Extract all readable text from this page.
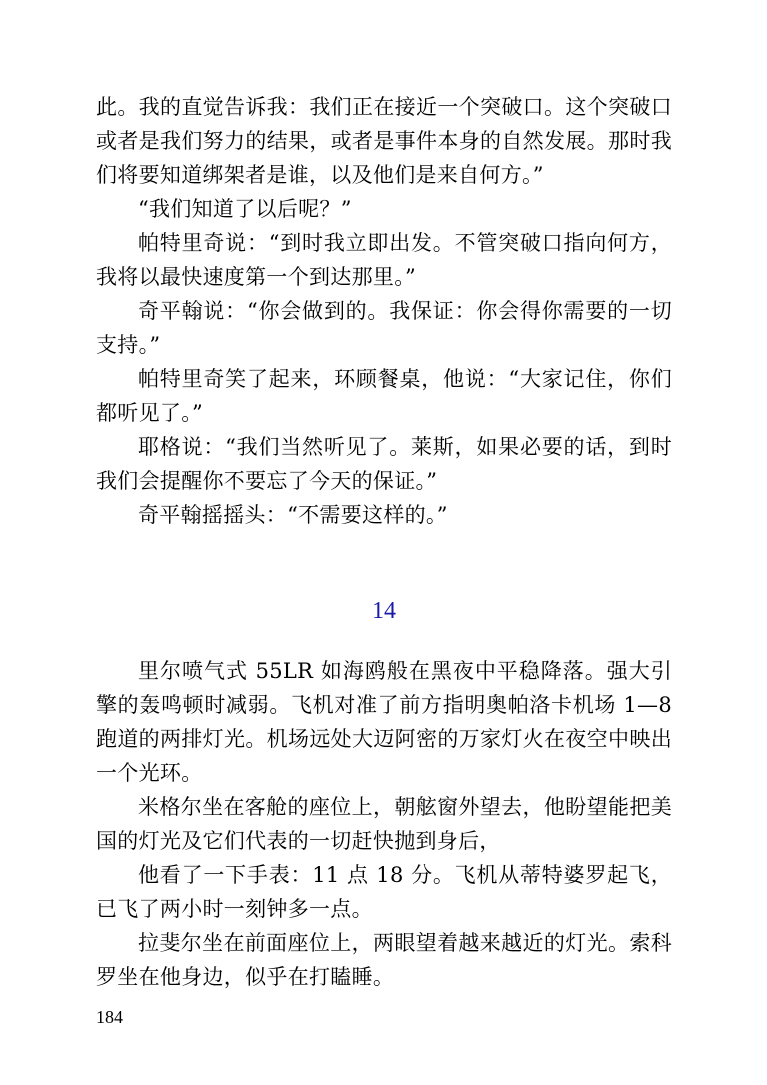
此。我的直觉告诉我：我们正在接近一个突破口。这个突破口或者是我们努力的结果，或者是事件本身的自然发展。那时我们将要知道绑架者是谁，以及他们是来自何方。”

“我们知道了以后呢？”

帕特里奇说：“到时我立即出发。不管突破口指向何方，我将以最快速度第一个到达那里。”

奇平翰说：“你会做到的。我保证：你会得你需要的一切支持。”

帕特里奇笑了起来，环顾餐桌，他说：“大家记住，你们都听见了。”

耶格说：“我们当然听见了。莱斯，如果必要的话，到时我们会提醒你不要忘了今天的保证。”

奇平翰摇摇头：“不需要这样的。”

14

里尔喷气式 55LR 如海鸥般在黑夜中平稳降落。强大引擎的轰鸣顿时减弱。飞机对准了前方指明奥帕洛卡机场 1—8 跑道的两排灯光。机场远处大迈阿密的万家灯火在夜空中映出一个光环。

米格尔坐在客舱的座位上，朝舷窗外望去，他盼望能把美国的灯光及它们代表的一切赶快抛到身后，

他看了一下手表：11 点 18 分。飞机从蒂特婆罗起飞，已飞了两小时一刻钟多一点。

拉斐尔坐在前面座位上，两眼望着越来越近的灯光。索科罗坐在他身边，似乎在打瞌睡。

184
